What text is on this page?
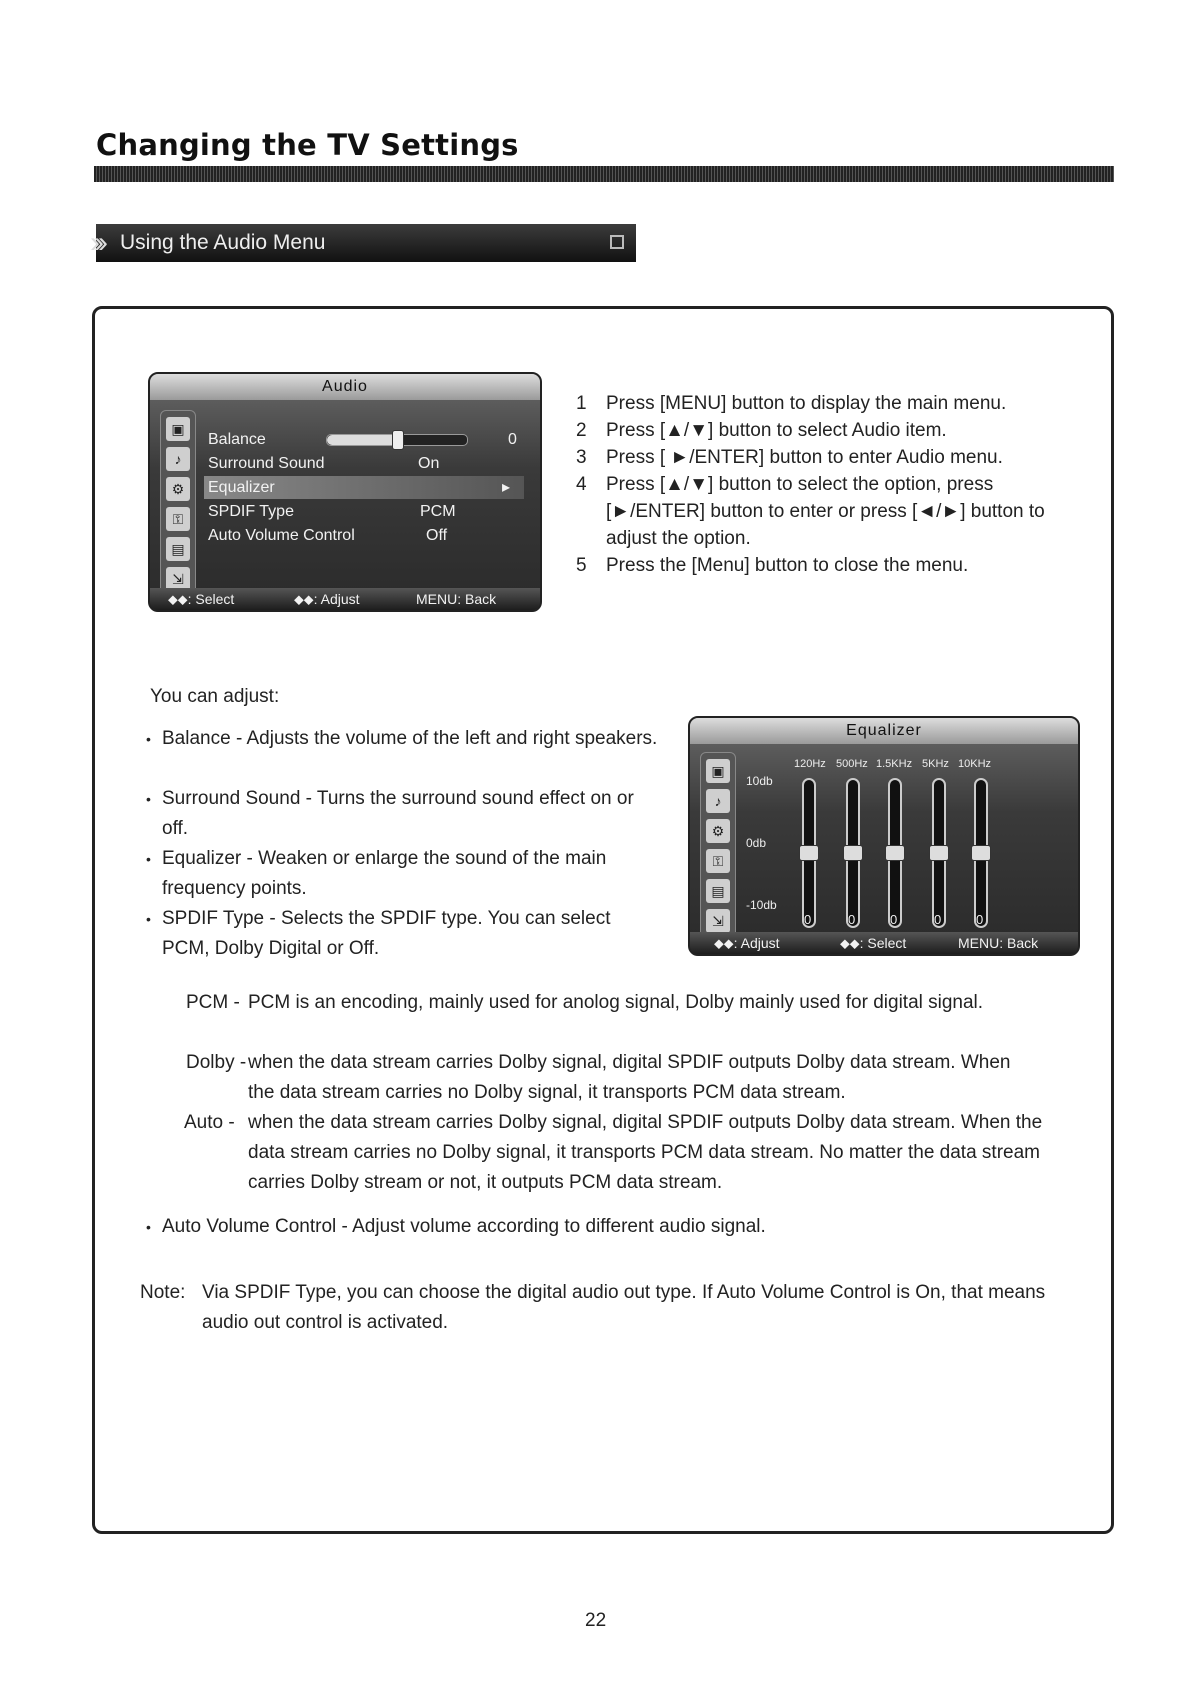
Changing the TV Settings
Using the Audio Menu
Audio
▣
♪
⚙
⚿
▤
⇲
Balance	0
Surround Sound	On
Equalizer	▸
SPDIF Type	PCM
Auto Volume Control	Off
⬥⬥: Select	⬥⬥: Adjust	MENU: Back
1 Press [MENU] button to display the main menu.
2 Press [▲/▼] button to select Audio item.
3 Press [ ►/ENTER] button to enter Audio menu.
4 Press [▲/▼] button to select the option, press [►/ENTER] button to enter or press [◄/►] button to adjust the option.
5 Press the [Menu] button to close the menu.
You can adjust:
• Balance - Adjusts the volume of the left and right speakers.
• Surround Sound - Turns the surround sound effect on or off.
• Equalizer - Weaken or enlarge the sound of the main frequency points.
• SPDIF Type - Selects the SPDIF type. You can select PCM, Dolby Digital or Off.
Equalizer
▣
♪
⚙
⚿
▤
⇲
120Hz 500Hz 1.5KHz 5KHz 10KHz
10db
0db
-10db
0	0	0	0	0
⬥⬥: Adjust	⬥⬥: Select	MENU: Back
PCM - PCM is an encoding, mainly used for anolog signal, Dolby mainly used for digital signal.
Dolby - when the data stream carries Dolby signal, digital SPDIF outputs Dolby data stream. When the data stream carries no Dolby signal, it transports PCM data stream.
Auto - when the data stream carries Dolby signal, digital SPDIF outputs Dolby data stream. When the data stream carries no Dolby signal, it transports PCM data stream. No matter the data stream carries Dolby stream or not, it outputs PCM data stream.
• Auto Volume Control - Adjust volume according to different audio signal.
Note: Via SPDIF Type, you can choose the digital audio out type. If Auto Volume Control is On, that means audio out control is activated.
22
